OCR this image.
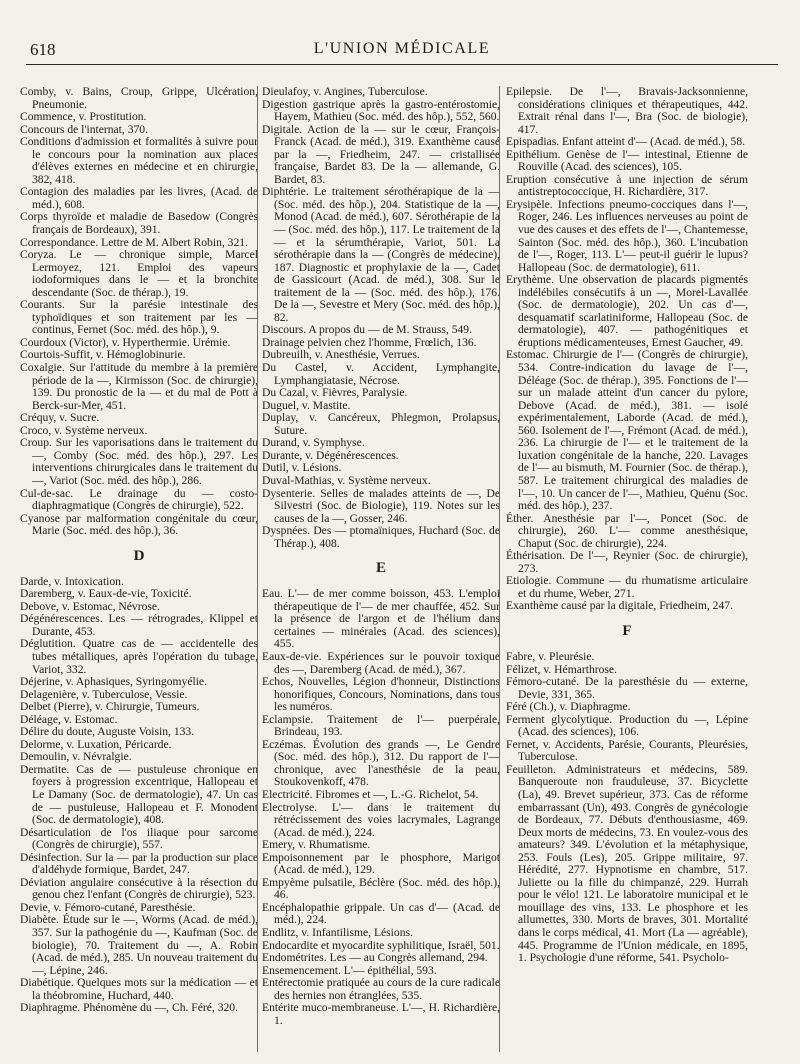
618	L'UNION MÉDICALE

Comby, v. Bains, Croup, Grippe, Ulcération, Pneumonie.

Commence, v. Prostitution.

Concours de l'internat, 370.

Conditions d'admission et formalités à suivre pour le concours pour la nomination aux places d'élèves externes en médecine et en chirurgie, 382, 418.

Contagion des maladies par les livres, (Acad. de méd.), 608.

Corps thyroïde et maladie de Basedow (Congrès français de Bordeaux), 391.

Correspondance. Lettre de M. Albert Robin, 321.

Coryza. Le — chronique simple, Marcel Lermoyez, 121. Emploi des vapeurs iodoformiques dans le — et la bronchite descendante (Soc. de thérap.), 19.

Courants. Sur la parésie intestinale des typhoïdiques et son traitement par les — continus, Fernet (Soc. méd. des hôp.), 9.

Courdoux (Victor), v. Hyperthermie. Urémie.

Courtois-Suffit, v. Hémoglobinurie.

Coxalgie. Sur l'attitude du membre à la première période de la —, Kirmisson (Soc. de chirurgie), 139. Du pronostic de la — et du mal de Pott à Berck-sur-Mer, 451.

Créquy, v. Sucre.

Croco, v. Système nerveux.

Croup. Sur les vaporisations dans le traitement du —, Comby (Soc. méd. des hôp.), 297. Les interventions chirurgicales dans le traitement du —, Variot (Soc. méd. des hôp.), 286.

Cul-de-sac. Le drainage du — costo-diaphragmatique (Congrès de chirurgie), 522.

Cyanose par malformation congénitale du cœur, Marie (Soc. méd. des hôp.), 36.

D

Darde, v. Intoxication.

Daremberg, v. Eaux-de-vie, Toxicité.

Debove, v. Estomac, Névrose.

Dégénérescences. Les — rétrogrades, Klippel et Durante, 453.

Déglutition. Quatre cas de — accidentelle des tubes métalliques, après l'opération du tubage, Variot, 332.

Déjerine, v. Aphasiques, Syringomyélie.

Delagenière, v. Tuberculose, Vessie.

Delbet (Pierre), v. Chirurgie, Tumeurs.

Déléage, v. Estomac.

Délire du doute, Auguste Voisin, 133.

Delorme, v. Luxation, Péricarde.

Demoulin, v. Névralgie.

Dermatite. Cas de — pustuleuse chronique en foyers à progression excentrique, Hallopeau et Le Damany (Soc. de dermatologie), 47. Un cas de — pustuleuse, Hallopeau et F. Monodent (Soc. de dermatologie), 408.

Désarticulation de l'os iliaque pour sarcome (Congrès de chirurgie), 557.

Désinfection. Sur la — par la production sur place d'aldéhyde formique, Bardet, 247.

Déviation angulaire consécutive à la résection du genou chez l'enfant (Congrès de chirurgie), 523.

Devie, v. Fémoro-cutané, Paresthésie.

Diabète. Étude sur le —, Worms (Acad. de méd.), 357. Sur la pathogénie du —, Kaufman (Soc. de biologie), 70. Traitement du —, A. Robin (Acad. de méd.), 285. Un nouveau traitement du —, Lépine, 246.

Diabétique. Quelques mots sur la médication — et la théobromine, Huchard, 440.

Diaphragme. Phénomène du —, Ch. Féré, 320.

Dieulafoy, v. Angines, Tuberculose.

Digestion gastrique après la gastro-entérostomie, Hayem, Mathieu (Soc. méd. des hôp.), 552, 560.

Digitale. Action de la — sur le cœur, François-Franck (Acad. de méd.), 319. Exanthème causé par la —, Friedheim, 247. — cristallisée française, Bardet 83. De la — allemande, G. Bardet, 83.

Diphtérie. Le traitement sérothérapique de la — (Soc. méd. des hôp.), 204. Statistique de la —, Monod (Acad. de méd.), 607. Sérothérapie de la — (Soc. méd. des hôp.), 117. Le traitement de la — et la sérumthérapie, Variot, 501. La sérothérapie dans la — (Congrès de médecine), 187. Diagnostic et prophylaxie de la —, Cadet de Gassicourt (Acad. de méd.), 308. Sur le traitement de la — (Soc. méd. des hôp.), 176. De la —, Sevestre et Mery (Soc. méd. des hôp.), 82.

Discours. A propos du — de M. Strauss, 549.

Drainage pelvien chez l'homme, Frœlich, 136.

Dubreuilh, v. Anesthésie, Verrues.

Du Castel, v. Accident, Lymphangite, Lymphangiatasie, Nécrose.

Du Cazal, v. Fièvres, Paralysie.

Duguel, v. Mastite.

Duplay, v. Cancéreux, Phlegmon, Prolapsus, Suture.

Durand, v. Symphyse.

Durante, v. Dégénérescences.

Dutil, v. Lésions.

Duval-Mathias, v. Système nerveux.

Dysenterie. Selles de malades atteints de —, De Silvestri (Soc. de Biologie), 119. Notes sur les causes de la —, Gosser, 246.

Dyspnées. Des — ptomaïniques, Huchard (Soc. de Thérap.), 408.

E

Eau. L'— de mer comme boisson, 453. L'emploi thérapeutique de l'— de mer chauffée, 452. Sur la présence de l'argon et de l'hélium dans certaines — minérales (Acad. des sciences), 455.

Eaux-de-vie. Expériences sur le pouvoir toxique des —, Daremberg (Acad. de méd.), 367.

Echos, Nouvelles, Légion d'honneur, Distinctions honorifiques, Concours, Nominations, dans tous les numéros.

Eclampsie. Traitement de l'— puerpérale, Brindeau, 193.

Eczémas. Évolution des grands —, Le Gendre (Soc. méd. des hôp.), 312. Du rapport de l'— chronique, avec l'anesthésie de la peau, Stoukovenkoff, 478.

Electricité. Fibromes et —, L.-G. Richelot, 54.

Electrolyse. L'— dans le traitement du rétrécissement des voies lacrymales, Lagrange (Acad. de méd.), 224.

Emery, v. Rhumatisme.

Empoisonnement par le phosphore, Marigot (Acad. de méd.), 129.

Empyème pulsatile, Béclère (Soc. méd. des hôp.), 46.

Encéphalopathie grippale. Un cas d'— (Acad. de méd.), 224.

Endlitz, v. Infantilisme, Lésions.

Endocardite et myocardite syphilitique, Israël, 501.

Endométrites. Les — au Congrès allemand, 294.

Ensemencement. L'— épithélial, 593.

Entérectomie pratiquée au cours de la cure radicale des hernies non étranglées, 535.

Entérite muco-membraneuse. L'—, H. Richardière, 1.

Epilepsie. De l'—, Bravais-Jacksonnienne, considérations cliniques et thérapeutiques, 442. Extrait rénal dans l'—, Bra (Soc. de biologie), 417.

Epispadias. Enfant atteint d'— (Acad. de méd.), 58.

Epithélium. Genèse de l'— intestinal, Etienne de Rouville (Acad. des sciences), 105.

Eruption consécutive à une injection de sérum antistreptococcique, H. Richardière, 317.

Erysipèle. Infections pneumo-cocciques dans l'—, Roger, 246. Les influences nerveuses au point de vue des causes et des effets de l'—, Chantemesse, Sainton (Soc. méd. des hôp.), 360. L'incubation de l'—, Roger, 113. L'— peut-il guérir le lupus? Hallopeau (Soc. de dermatologie), 611.

Erythème. Une observation de placards pigmentés indélébiles consécutifs à un —, Morel-Lavallée (Soc. de dermatologie), 202. Un cas d'—, desquamatif scarlatiniforme, Hallopeau (Soc. de dermatologie), 407. — pathogénitiques et éruptions médicamenteuses, Ernest Gaucher, 49.

Estomac. Chirurgie de l'— (Congrès de chirurgie), 534. Contre-indication du lavage de l'—, Déléage (Soc. de thérap.), 395. Fonctions de l'— sur un malade atteint d'un cancer du pylore, Debove (Acad. de méd.), 381. — isolé expérimentalement, Laborde (Acad. de méd.), 560. Isolement de l'—, Frémont (Acad. de méd.), 236. La chirurgie de l'— et le traitement de la luxation congénitale de la hanche, 220. Lavages de l'— au bismuth, M. Fournier (Soc. de thérap.), 587. Le traitement chirurgical des maladies de l'—, 10. Un cancer de l'—, Mathieu, Quénu (Soc. méd. des hôp.), 237.

Éther. Anesthésie par l'—, Poncet (Soc. de chirurgie), 260. L'— comme anesthésique, Chaput (Soc. de chirurgie), 224.

Éthérisation. De l'—, Reynier (Soc. de chirurgie), 273.

Etiologie. Commune — du rhumatisme articulaire et du rhume, Weber, 271.

Exanthème causé par la digitale, Friedheim, 247.

F

Fabre, v. Pleurésie.

Félizet, v. Hémarthrose.

Fémoro-cutané. De la paresthésie du — externe, Devie, 331, 365.

Féré (Ch.), v. Diaphragme.

Ferment glycolytique. Production du —, Lépine (Acad. des sciences), 106.

Fernet, v. Accidents, Parésie, Courants, Pleurésies, Tuberculose.

Feuilleton. Administrateurs et médecins, 589. Banqueroute non frauduleuse, 37. Bicyclette (La), 49. Brevet supérieur, 373. Cas de réforme embarrassant (Un), 493. Congrès de gynécologie de Bordeaux, 77. Débuts d'enthousiasme, 469. Deux morts de médecins, 73. En voulez-vous des amateurs? 349. L'évolution et la métaphysique, 253. Fouls (Les), 205. Grippe militaire, 97. Hérédité, 277. Hypnotisme en chambre, 517. Juliette ou la fille du chimpanzé, 229. Hurrah pour le vélo! 121. Le laboratoire municipal et le mouillage des vins, 133. Le phosphore et les allumettes, 330. Morts de braves, 301. Mortalité dans le corps médical, 41. Mort (La — agréable), 445. Programme de l'Union médicale, en 1895, 1. Psychologie d'une réforme, 541. Psycholo-
